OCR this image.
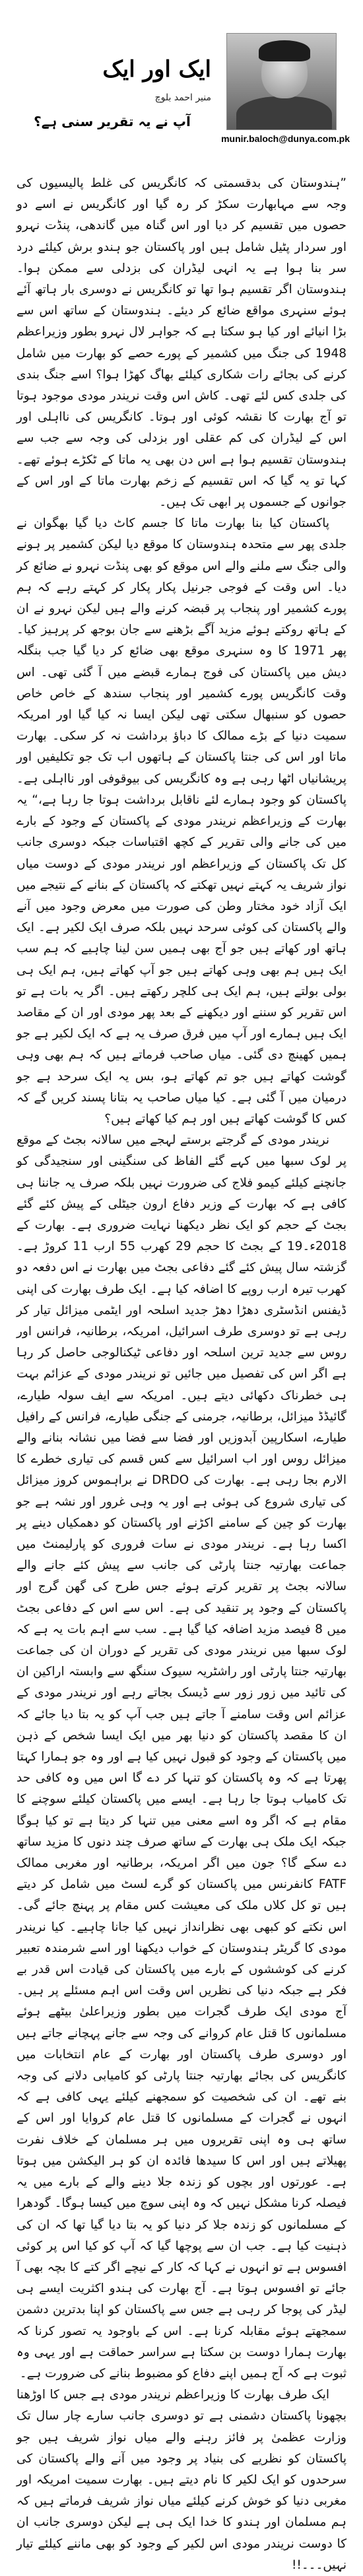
ایک اور ایک
منیر احمد بلوچ
آپ نے یہ تقریر سنی ہے؟
munir.baloch@dunya.com.pk

”ہندوستان کی بدقسمتی کہ کانگریس کی غلط پالیسیوں کی وجہ سے مہابھارت سکڑ کر رہ گیا اور کانگریس نے اسے دو حصوں میں تقسیم کر دیا اور اس گناہ میں گاندھی، پنڈت نہرو اور سردار پٹیل شامل ہیں اور پاکستان جو ہندو برش کیلئے درد سر بنا ہوا ہے یہ انہی لیڈران کی بزدلی سے ممکن ہوا۔ ہندوستان اگر تقسیم ہوا تھا تو کانگریس نے دوسری بار ہاتھ آئے ہوئے سنہری مواقع ضائع کر دیئے۔ ہندوستان کے ساتھ اس سے بڑا انیائے اور کیا ہو سکتا ہے کہ جواہر لال نہرو بطور وزیراعظم 1948 کی جنگ میں کشمیر کے پورے حصے کو بھارت میں شامل کرنے کی بجائے رات شکاری کیلئے بھاگ کھڑا ہوا؟ اسے جنگ بندی کی جلدی کس لئے تھی۔ کاش اس وقت نریندر مودی موجود ہوتا تو آج بھارت کا نقشہ کوئی اور ہوتا۔ کانگریس کی نااہلی اور اس کے لیڈران کی کم عقلی اور بزدلی کی وجہ سے جب سے ہندوستان تقسیم ہوا ہے اس دن بھی یہ ماتا کے ٹکڑے ہوئے تھے۔ کہا تو یہ گیا کہ اس تقسیم کے زخم بھارت ماتا کے اور اس کے جوانوں کے جسموں پر ابھی تک ہیں۔

پاکستان کیا بنا بھارت ماتا کا جسم کاٹ دیا گیا بھگوان نے جلدی پھر سے متحدہ ہندوستان کا موقع دیا لیکن کشمیر پر ہونے والی جنگ سے ملنے والے اس موقع کو بھی پنڈت نہرو نے ضائع کر دیا۔ اس وقت کے فوجی جرنیل پکار پکار کر کہتے رہے کہ ہم پورے کشمیر اور پنجاب پر قبضہ کرنے والے ہیں لیکن نہرو نے ان کے ہاتھ روکتے ہوئے مزید آگے بڑھنے سے جان بوجھ کر پرہیز کیا۔ پھر 1971 کا وہ سنہری موقع بھی ضائع کر دیا گیا جب بنگلہ دیش میں پاکستان کی فوج ہمارے قبضے میں آ گئی تھی۔ اس وقت کانگریس پورے کشمیر اور پنجاب سندھ کے خاص خاص حصوں کو سنبھال سکتی تھی لیکن ایسا نہ کیا گیا اور امریکہ سمیت دنیا کے بڑے ممالک کا دباؤ برداشت نہ کر سکی۔ بھارت ماتا اور اس کی جنتا پاکستان کے ہاتھوں اب تک جو تکلیفیں اور پریشانیاں اٹھا رہی ہے وہ کانگریس کی بیوقوفی اور نااہلی ہے۔ پاکستان کو وجود ہمارے لئے ناقابل برداشت ہوتا جا رہا ہے،“ یہ بھارت کے وزیراعظم نریندر مودی کے پاکستان کے وجود کے بارے میں کی جانے والی تقریر کے کچھ اقتباسات جبکہ دوسری جانب کل تک پاکستان کے وزیراعظم اور نریندر مودی کے دوست میاں نواز شریف یہ کہتے نہیں تھکتے کہ پاکستان کے بنانے کے نتیجے میں ایک آزاد خود مختار وطن کی صورت میں معرض وجود میں آنے والے پاکستان کی کوئی سرحد نہیں بلکہ صرف ایک لکیر ہے۔ ایک ہاتھ اور کھاتے ہیں جو آج بھی ہمیں سن لینا چاہیے کہ ہم سب ایک ہیں ہم بھی وہی کھاتے ہیں جو آپ کھاتے ہیں، ہم ایک ہی بولی بولتے ہیں، ہم ایک ہی کلچر رکھتے ہیں۔ اگر یہ بات ہے تو اس تقریر کو سننے اور دیکھنے کے بعد پھر مودی اور ان کے مقاصد ایک ہیں ہمارے اور آپ میں فرق صرف یہ ہے کہ ایک لکیر ہے جو ہمیں کھینچ دی گئی۔ میاں صاحب فرماتے ہیں کہ ہم بھی وہی گوشت کھاتے ہیں جو تم کھاتے ہو، بس یہ ایک سرحد ہے جو درمیان میں آ گئی ہے۔ کیا میاں صاحب یہ بتانا پسند کریں گے کہ کس کا گوشت کھاتے ہیں اور ہم کیا کھاتے ہیں؟

نریندر مودی کے گرجتے برستے لہجے میں سالانہ بجٹ کے موقع پر لوک سبھا میں کہے گئے الفاظ کی سنگینی اور سنجیدگی کو جانچنے کیلئے کیمو فلاج کی ضرورت نہیں بلکہ صرف یہ جاننا ہی کافی ہے کہ بھارت کے وزیر دفاع ارون جیٹلی کے پیش کئے گئے بجٹ کے حجم کو ایک نظر دیکھنا نہایت ضروری ہے۔ بھارت کے 2018ء۔19 کے بجٹ کا حجم 29 کھرب 55 ارب 11 کروڑ ہے۔ گزشتہ سال پیش کئے گئے دفاعی بجٹ میں بھارت نے اس دفعہ دو کھرب تیرہ ارب روپے کا اضافہ کیا ہے۔ ایک طرف بھارت کی اپنی ڈیفنس انڈسٹری دھڑا دھڑ جدید اسلحہ اور ایٹمی میزائل تیار کر رہی ہے تو دوسری طرف اسرائیل، امریکہ، برطانیہ، فرانس اور روس سے جدید ترین اسلحہ اور دفاعی ٹیکنالوجی حاصل کر رہا ہے اگر اس کی تفصیل میں جائیں تو نریندر مودی کے عزائم بہت ہی خطرناک دکھائی دیتے ہیں۔ امریکہ سے ایف سولہ طیارے، گائیڈڈ میزائل، برطانیہ، جرمنی کے جنگی طیارے، فرانس کے رافیل طیارے، اسکارپین آبدوزیں اور فضا سے فضا میں نشانہ بنانے والے میزائل روس اور اب اسرائیل سے کس قسم کی تیاری خطرے کا الارم بجا رہی ہے۔ بھارت کی DRDO نے براہموس کروز میزائل کی تیاری شروع کی ہوئی ہے اور یہ وہی غرور اور نشہ ہے جو بھارت کو چین کے سامنے اکڑنے اور پاکستان کو دھمکیاں دینے پر اکسا رہا ہے۔ نریندر مودی نے سات فروری کو پارلیمنٹ میں جماعت بھارتیہ جنتا پارٹی کی جانب سے پیش کئے جانے والے سالانہ بجٹ پر تقریر کرتے ہوئے جس طرح کی گھن گرج اور پاکستان کے وجود پر تنقید کی ہے۔ اس سے اس کے دفاعی بجٹ میں 8 فیصد مزید اضافہ کیا گیا ہے۔ سب سے اہم بات یہ ہے کہ لوک سبھا میں نریندر مودی کی تقریر کے دوران ان کی جماعت بھارتیہ جنتا پارٹی اور راشٹریہ سیوک سنگھ سے وابستہ اراکین ان کی تائید میں زور زور سے ڈیسک بجاتے رہے اور نریندر مودی کے عزائم اس وقت سامنے آ جاتے ہیں جب آپ کو یہ بتا دیا جائے کہ ان کا مقصد پاکستان کو دنیا بھر میں ایک ایسا شخص کے ذہن میں پاکستان کے وجود کو قبول نہیں کیا ہے اور وہ جو ہمارا کہتا پھرتا ہے کہ وہ پاکستان کو تنہا کر دے گا اس میں وہ کافی حد تک کامیاب ہوتا جا رہا ہے۔ ایسے میں پاکستان کیلئے سوچنے کا مقام ہے کہ اگر وہ اسے معنی میں تنہا کر دیتا ہے تو کیا ہوگا جبکہ ایک ملک ہی بھارت کے ساتھ صرف چند دنوں کا مزید ساتھ دے سکے گا؟ جون میں اگر امریکہ، برطانیہ اور مغربی ممالک FATF کانفرنس میں پاکستان کو گرے لسٹ میں شامل کر دیتے ہیں تو کل کلاں ملک کی معیشت کس مقام پر پہنچ جائے گی۔ اس نکتے کو کبھی بھی نظرانداز نہیں کیا جانا چاہیے۔ کیا نریندر مودی کا گریٹر ہندوستان کے خواب دیکھنا اور اسے شرمندہ تعبیر کرنے کی کوششوں کے بارے میں پاکستان کی قیادت اس قدر بے فکر ہے جبکہ دنیا کی نظریں اس وقت اس اہم مسئلے پر ہیں۔ آج مودی ایک طرف گجرات میں بطور وزیراعلیٰ بیٹھے ہوئے مسلمانوں کا قتل عام کروانے کی وجہ سے جانے پہچانے جاتے ہیں اور دوسری طرف پاکستان اور بھارت کے عام انتخابات میں کانگریس کی بجائے بھارتیہ جنتا پارٹی کو کامیابی دلانے کی وجہ بنے تھے۔ ان کی شخصیت کو سمجھنے کیلئے یہی کافی ہے کہ انہوں نے گجرات کے مسلمانوں کا قتل عام کروایا اور اس کے ساتھ ہی وہ اپنی تقریروں میں ہر مسلمان کے خلاف نفرت پھیلاتے ہیں اور اس کا سیدھا فائدہ ان کو ہر الیکشن میں ہوتا ہے۔ عورتوں اور بچوں کو زندہ جلا دینے والے کے بارے میں یہ فیصلہ کرنا مشکل نہیں کہ وہ اپنی سوچ میں کیسا ہوگا۔ گودھرا کے مسلمانوں کو زندہ جلا کر دنیا کو یہ بتا دیا گیا تھا کہ ان کی ذہنیت کیا ہے۔ جب ان سے پوچھا گیا کہ آپ کو کیا اس پر کوئی افسوس ہے تو انہوں نے کہا کہ کار کے نیچے اگر کتے کا بچہ بھی آ جائے تو افسوس ہوتا ہے۔ آج بھارت کی ہندو اکثریت ایسے ہی لیڈر کی پوجا کر رہی ہے جس سے پاکستان کو اپنا بدترین دشمن سمجھتے ہوئے مقابلہ کرنا ہے۔ اس کے باوجود یہ تصور کرنا کہ بھارت ہمارا دوست بن سکتا ہے سراسر حماقت ہے اور یہی وہ ثبوت ہے کہ آج ہمیں اپنے دفاع کو مضبوط بنانے کی ضرورت ہے۔

ایک طرف بھارت کا وزیراعظم نریندر مودی ہے جس کا اوڑھنا بچھونا پاکستان دشمنی ہے تو دوسری جانب سارے چار سال تک وزارت عظمیٰ پر فائز رہنے والے میاں نواز شریف ہیں جو پاکستان کو نظریے کی بنیاد پر وجود میں آنے والے پاکستان کی سرحدوں کو ایک لکیر کا نام دیتے ہیں۔ بھارت سمیت امریکہ اور مغربی دنیا کو خوش کرنے کیلئے میاں نواز شریف فرماتے ہیں کہ ہم مسلمان اور ہندو کا خدا ایک ہی ہے لیکن دوسری جانب ان کا دوست نریندر مودی اس لکیر کے وجود کو بھی ماننے کیلئے تیار نہیں۔۔۔!!
